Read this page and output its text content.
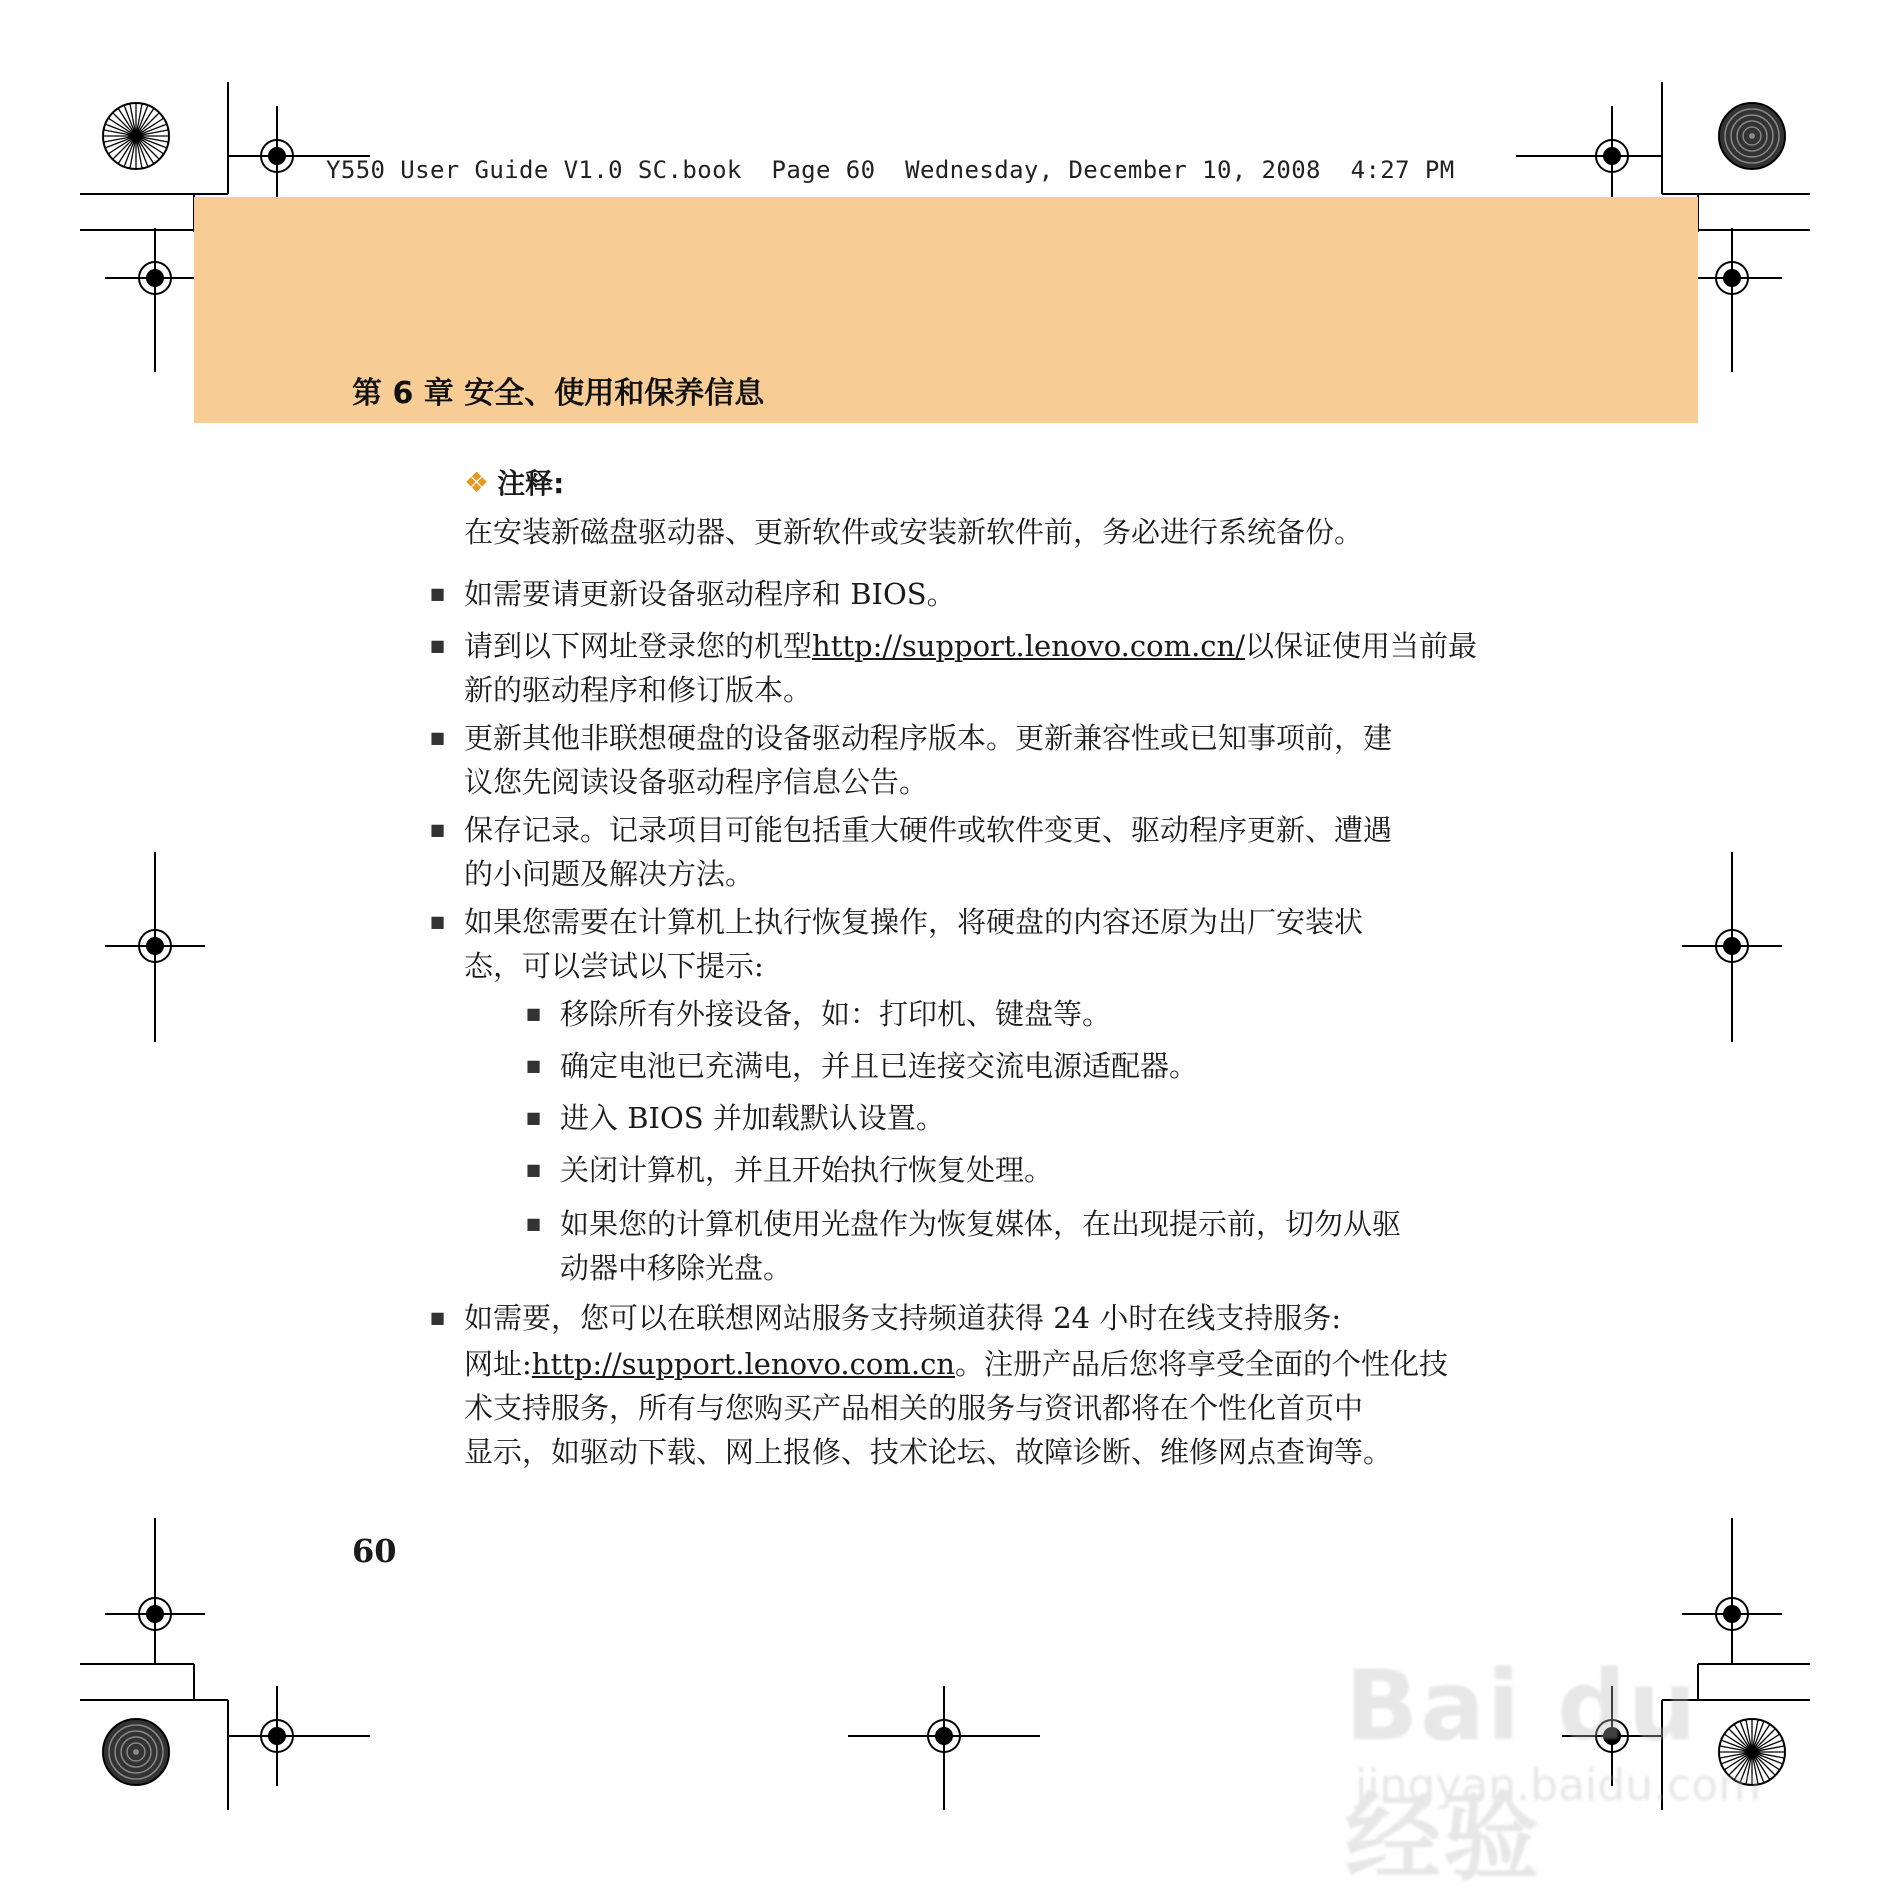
Y550 User Guide V1.0 SC.book  Page 60  Wednesday, December 10, 2008  4:27 PM
第 6 章 安全、使用和保养信息
❖ 注释:
在安装新磁盘驱动器、更新软件或安装新软件前，务必进行系统备份。
■ 如需要请更新设备驱动程序和 BIOS。
■ 请到以下网址登录您的机型http://support.lenovo.com.cn/以保证使用当前最
新的驱动程序和修订版本。
■ 更新其他非联想硬盘的设备驱动程序版本。更新兼容性或已知事项前，建
议您先阅读设备驱动程序信息公告。
■ 保存记录。记录项目可能包括重大硬件或软件变更、驱动程序更新、遭遇
的小问题及解决方法。
■ 如果您需要在计算机上执行恢复操作，将硬盘的内容还原为出厂安装状
态，可以尝试以下提示:
■ 移除所有外接设备，如：打印机、键盘等。
■ 确定电池已充满电，并且已连接交流电源适配器。
■ 进入 BIOS 并加载默认设置。
■ 关闭计算机，并且开始执行恢复处理。
■ 如果您的计算机使用光盘作为恢复媒体，在出现提示前，切勿从驱
动器中移除光盘。
■ 如需要，您可以在联想网站服务支持频道获得 24 小时在线支持服务:
网址:http://support.lenovo.com.cn。注册产品后您将享受全面的个性化技
术支持服务，所有与您购买产品相关的服务与资讯都将在个性化首页中
显示，如驱动下载、网上报修、技术论坛、故障诊断、维修网点查询等。
60
Bai du 经验
jingyan.baidu.com
